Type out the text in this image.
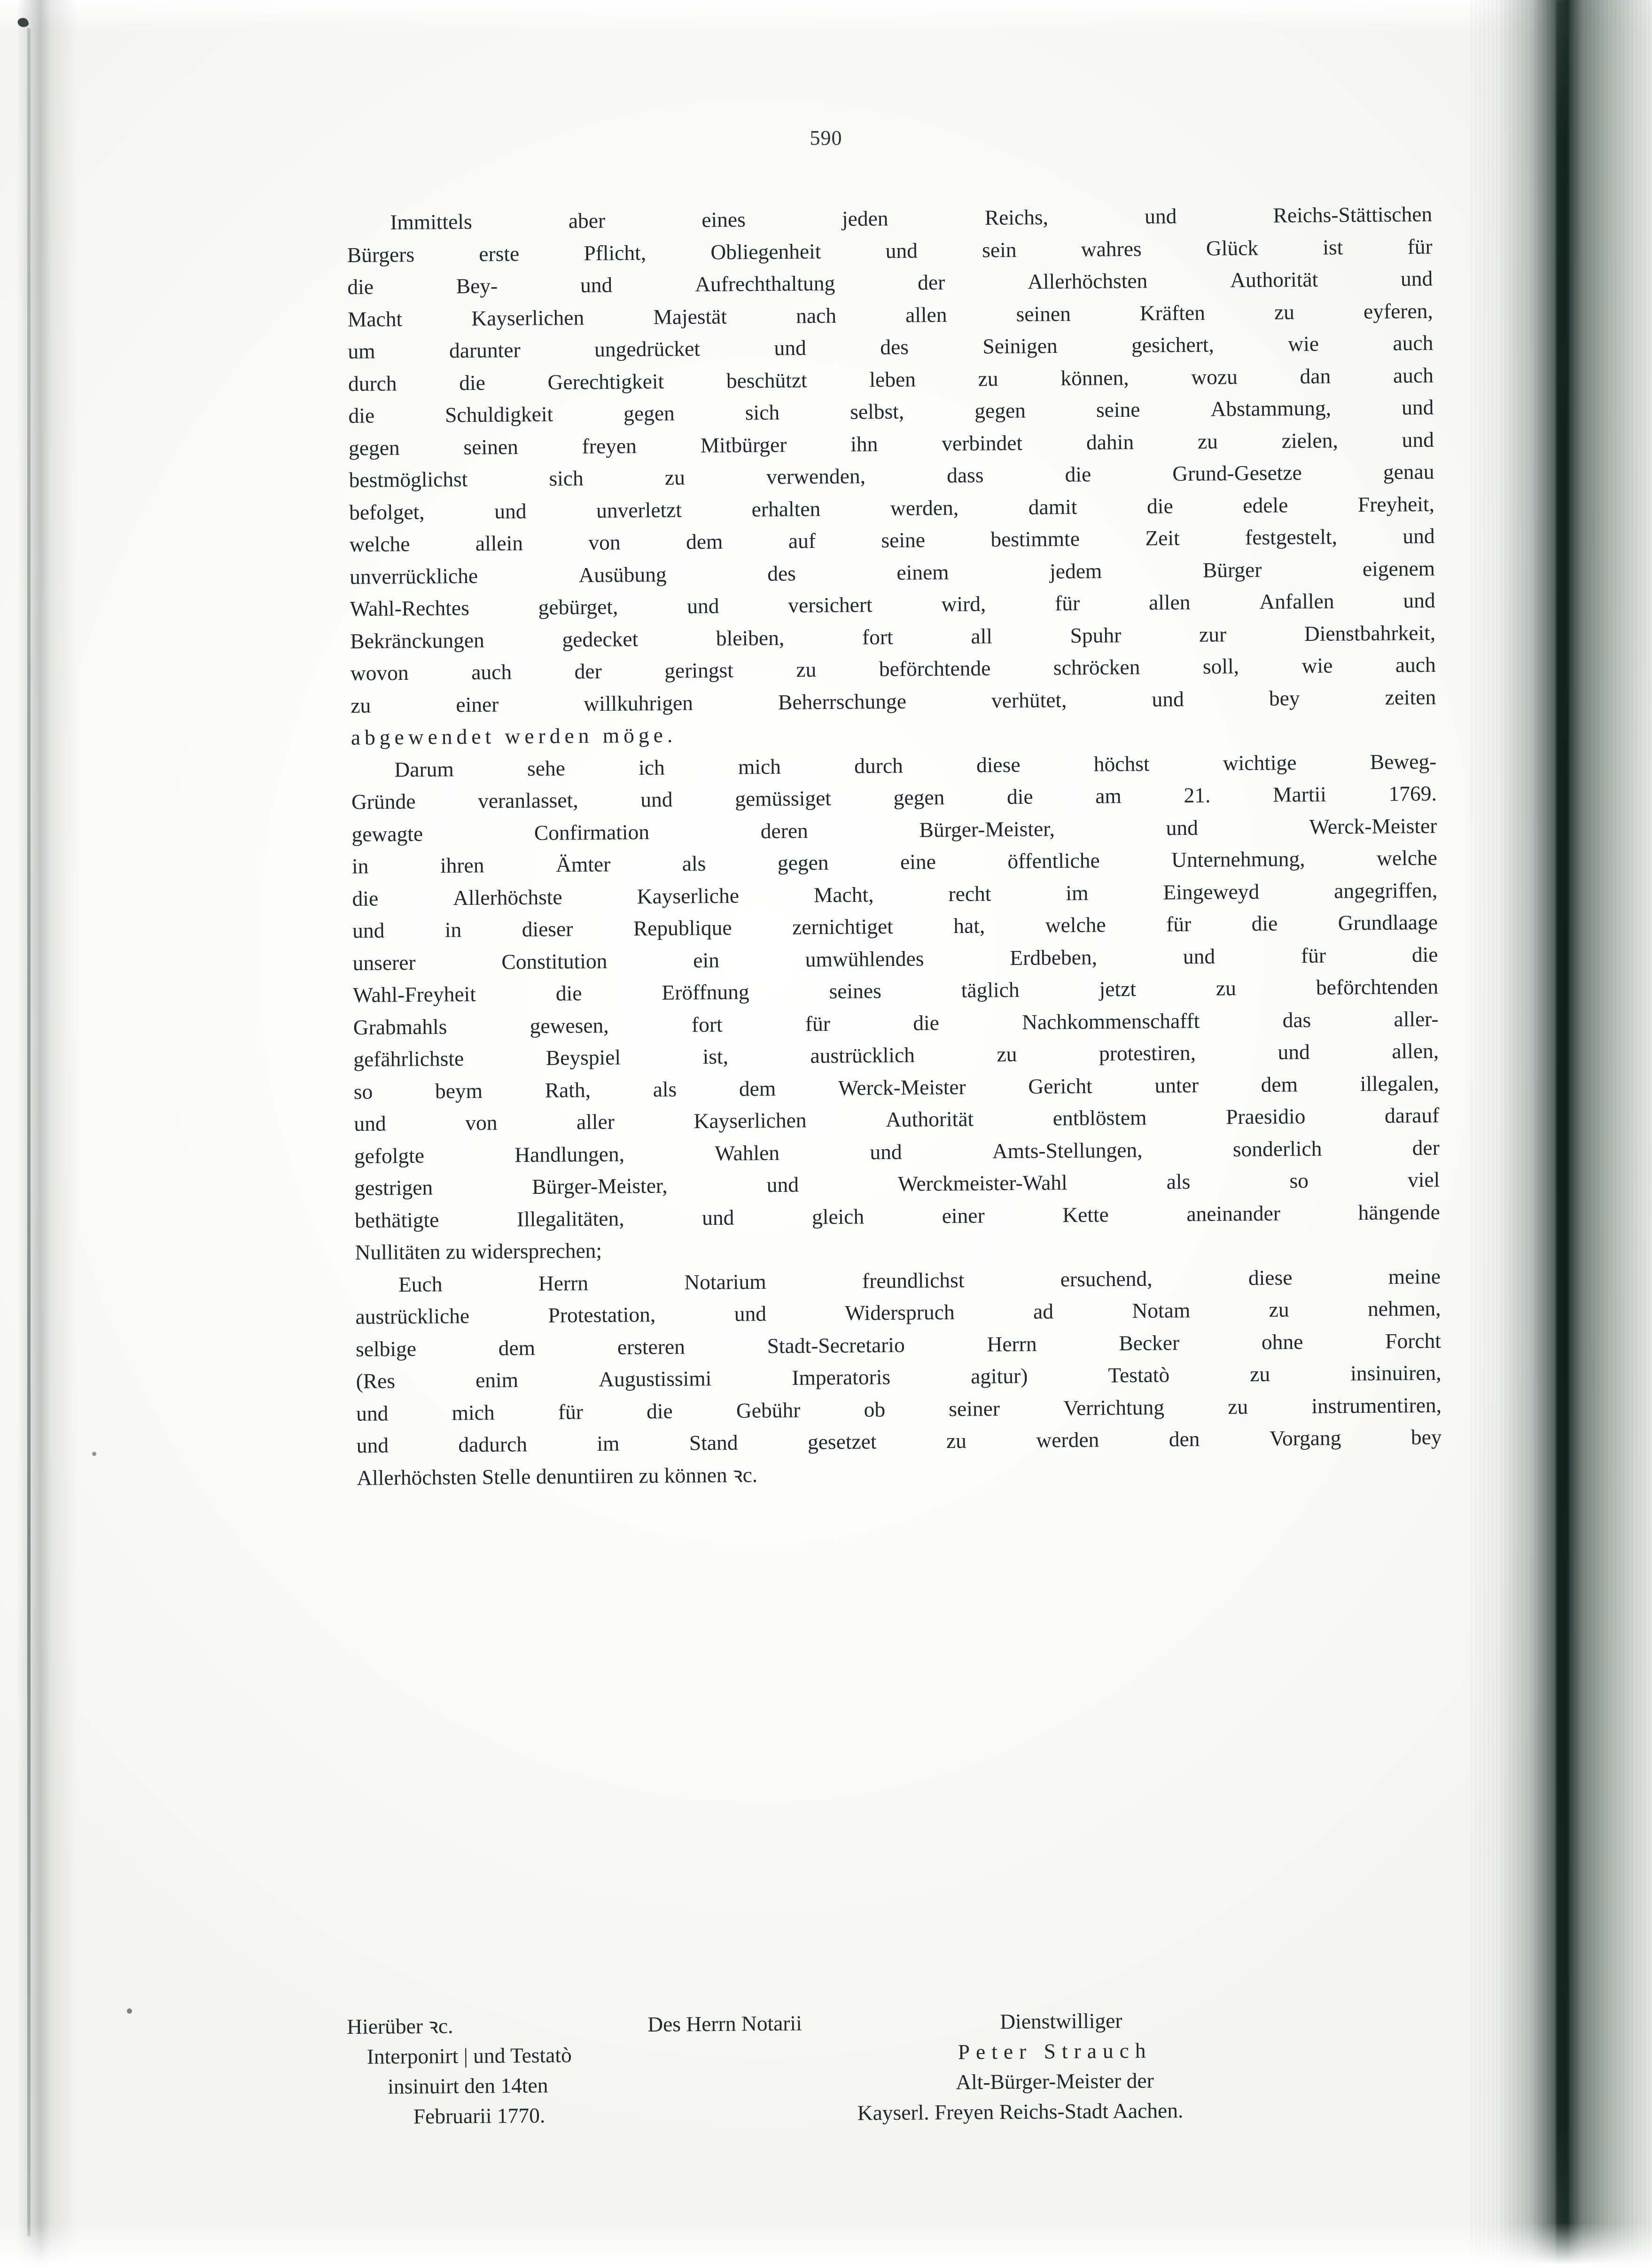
590
Immittels	aber	eines	jeden	Reichs,	und	Reichs-Stättischen
Bürgers	erste	Pflicht,	Obliegenheit	und	sein	wahres	Glück	ist	für
die	Bey-	und	Aufrechthaltung	der	Allerhöchsten	Authorität	und
Macht	Kayserlichen	Majestät	nach	allen	seinen	Kräften	zu	eyferen,
um	darunter	ungedrücket	und	des	Seinigen	gesichert,	wie	auch
durch	die	Gerechtigkeit	beschützt	leben	zu	können,	wozu	dan	auch
die	Schuldigkeit	gegen	sich	selbst,	gegen	seine	Abstammung,	und
gegen	seinen	freyen	Mitbürger	ihn	verbindet	dahin	zu	zielen,	und
bestmöglichst	sich	zu	verwenden,	dass	die	Grund-Gesetze	genau
befolget,	und	unverletzt	erhalten	werden,	damit	die	edele	Freyheit,
welche	allein	von	dem	auf	seine	bestimmte	Zeit	festgestelt,	und
unverrückliche	Ausübung	des	einem	jedem	Bürger	eigenem
Wahl-Rechtes	gebürget,	und	versichert	wird,	für	allen	Anfallen	und
Bekränckungen	gedecket	bleiben,	fort	all	Spuhr	zur	Dienstbahrkeit,
wovon	auch	der	geringst	zu	beförchtende	schröcken	soll,	wie	auch
zu	einer	willkuhrigen	Beherrschunge	verhütet,	und	bey	zeiten
abgewendet werden möge.
Darum	sehe	ich	mich	durch	diese	höchst	wichtige	Beweg-
Gründe	veranlasset,	und	gemüssiget	gegen	die	am	21.	Martii	1769.
gewagte	Confirmation	deren	Bürger-Meister,	und	Werck-Meister
in	ihren	Ämter	als	gegen	eine	öffentliche	Unternehmung,	welche
die	Allerhöchste	Kayserliche	Macht,	recht	im	Eingeweyd	angegriffen,
und	in	dieser	Republique	zernichtiget	hat,	welche	für	die	Grundlaage
unserer	Constitution	ein	umwühlendes	Erdbeben,	und	für	die
Wahl-Freyheit	die	Eröffnung	seines	täglich	jetzt	zu	beförchtenden
Grabmahls	gewesen,	fort	für	die	Nachkommenschafft	das	aller-
gefährlichste	Beyspiel	ist,	austrücklich	zu	protestiren,	und	allen,
so	beym	Rath,	als	dem	Werck-Meister	Gericht	unter	dem	illegalen,
und	von	aller	Kayserlichen	Authorität	entblöstem	Praesidio	darauf
gefolgte	Handlungen,	Wahlen	und	Amts-Stellungen,	sonderlich	der
gestrigen	Bürger-Meister,	und	Werckmeister-Wahl	als	so	viel
bethätigte	Illegalitäten,	und	gleich	einer	Kette	aneinander	hängende
Nullitäten zu widersprechen;
Euch	Herrn	Notarium	freundlichst	ersuchend,	diese	meine
austrückliche	Protestation,	und	Widerspruch	ad	Notam	zu	nehmen,
selbige	dem	ersteren	Stadt-Secretario	Herrn	Becker	ohne	Forcht
(Res	enim	Augustissimi	Imperatoris	agitur)	Testatò	zu	insinuiren,
und	mich	für	die	Gebühr	ob	seiner	Verrichtung	zu	instrumentiren,
und	dadurch	im	Stand	gesetzet	zu	werden	den	Vorgang	bey
Allerhöchsten Stelle denuntiiren zu können ꝛc.
Hierüber ꝛc.	Des Herrn Notarii	Dienstwilliger
Interponirt | und Testatò	Peter Strauch
insinuirt den 14ten	Alt-Bürger-Meister der
Februarii 1770.	Kayserl. Freyen Reichs-Stadt Aachen.
